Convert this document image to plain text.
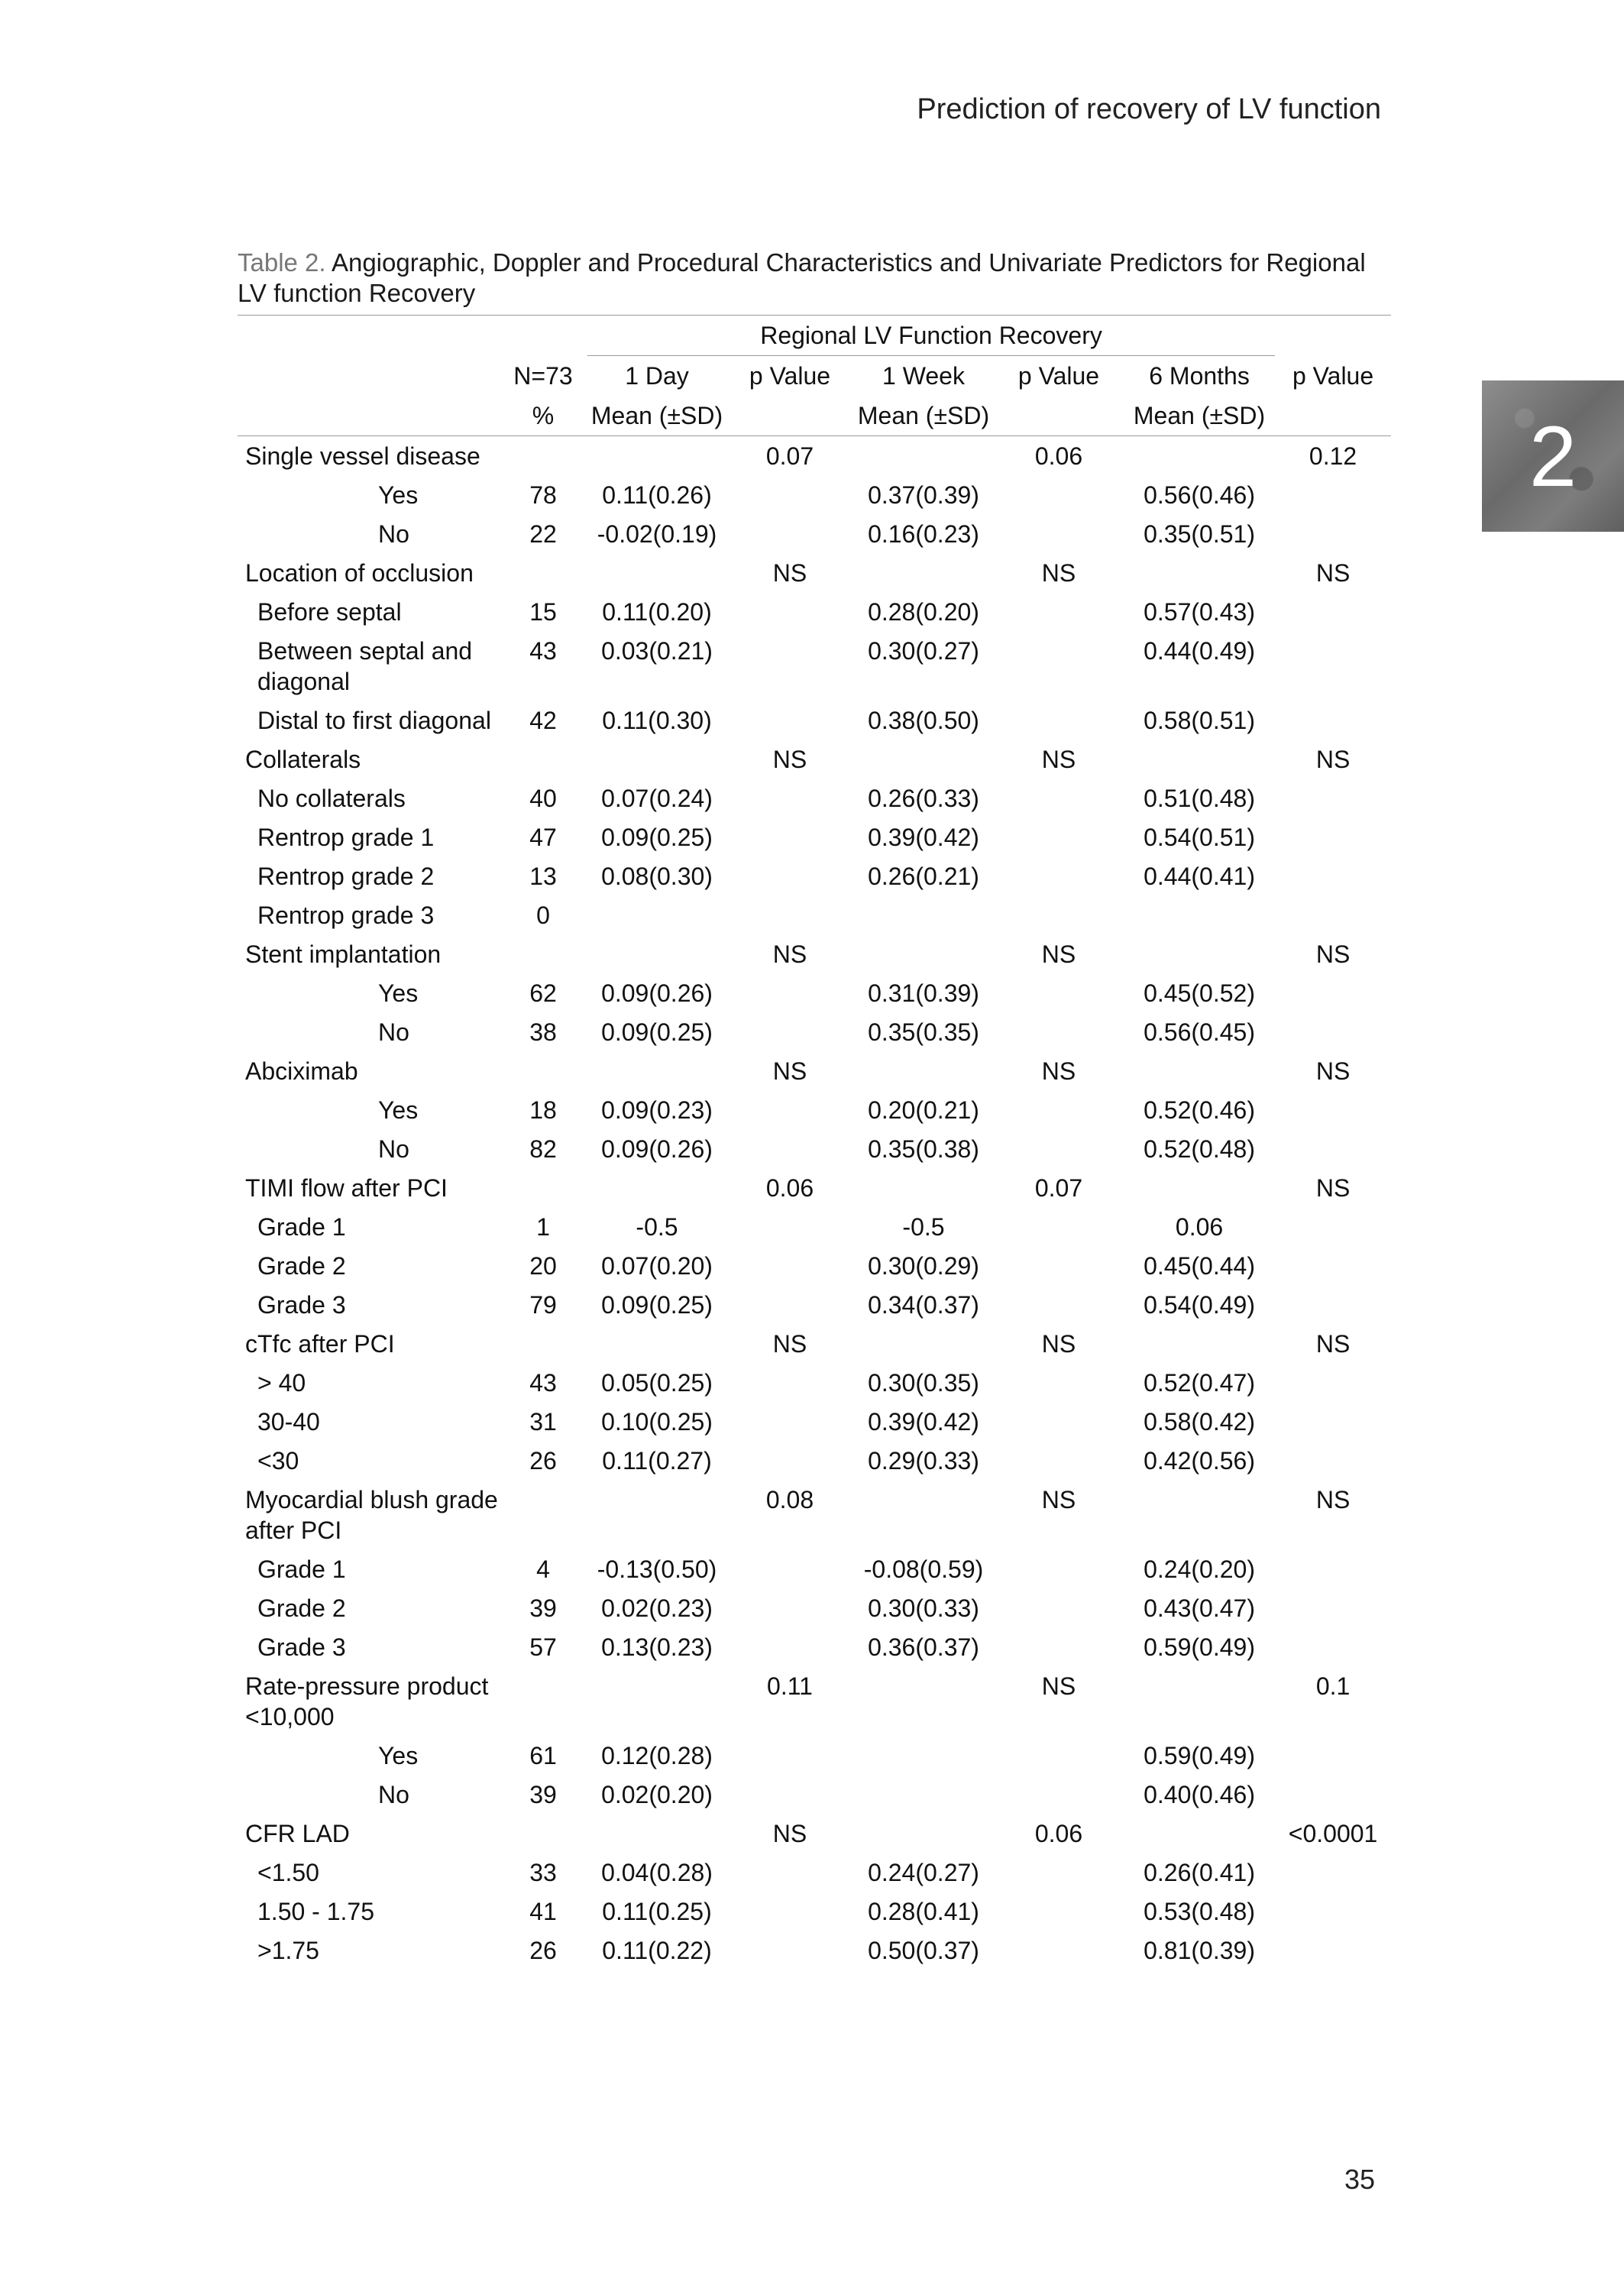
Prediction of recovery of LV function
2
Table 2. Angiographic, Doppler and Procedural Characteristics and Univariate Predictors for Regional LV function Recovery
		Regional LV Function Recovery					
	N=73	1 Day	p Value	1 Week	p Value	6 Months	p Value
	%	Mean (±SD)		Mean (±SD)		Mean (±SD)	
Single vessel disease			0.07		0.06		0.12
Yes	78	0.11(0.26)		0.37(0.39)		0.56(0.46)	
No	22	-0.02(0.19)		0.16(0.23)		0.35(0.51)	
Location of occlusion			NS		NS		NS
Before septal	15	0.11(0.20)		0.28(0.20)		0.57(0.43)	
Between septal and diagonal	43	0.03(0.21)		0.30(0.27)		0.44(0.49)	
Distal to first diagonal	42	0.11(0.30)		0.38(0.50)		0.58(0.51)	
Collaterals			NS		NS		NS
No collaterals	40	0.07(0.24)		0.26(0.33)		0.51(0.48)	
Rentrop grade 1	47	0.09(0.25)		0.39(0.42)		0.54(0.51)	
Rentrop grade 2	13	0.08(0.30)		0.26(0.21)		0.44(0.41)	
Rentrop grade 3	0						
Stent implantation			NS		NS		NS
Yes	62	0.09(0.26)		0.31(0.39)		0.45(0.52)	
No	38	0.09(0.25)		0.35(0.35)		0.56(0.45)	
Abciximab			NS		NS		NS
Yes	18	0.09(0.23)		0.20(0.21)		0.52(0.46)	
No	82	0.09(0.26)		0.35(0.38)		0.52(0.48)	
TIMI flow after PCI			0.06		0.07		NS
Grade 1	1	-0.5		-0.5		0.06	
Grade 2	20	0.07(0.20)		0.30(0.29)		0.45(0.44)	
Grade 3	79	0.09(0.25)		0.34(0.37)		0.54(0.49)	
cTfc after PCI			NS		NS		NS
> 40	43	0.05(0.25)		0.30(0.35)		0.52(0.47)	
30-40	31	0.10(0.25)		0.39(0.42)		0.58(0.42)	
<30	26	0.11(0.27)		0.29(0.33)		0.42(0.56)	
Myocardial blush grade after PCI			0.08		NS		NS
Grade 1	4	-0.13(0.50)		-0.08(0.59)		0.24(0.20)	
Grade 2	39	0.02(0.23)		0.30(0.33)		0.43(0.47)	
Grade 3	57	0.13(0.23)		0.36(0.37)		0.59(0.49)	
Rate-pressure product <10,000			0.11		NS		0.1
Yes	61	0.12(0.28)				0.59(0.49)	
No	39	0.02(0.20)				0.40(0.46)	
CFR LAD			NS		0.06		<0.0001
<1.50	33	0.04(0.28)		0.24(0.27)		0.26(0.41)	
1.50 - 1.75	41	0.11(0.25)		0.28(0.41)		0.53(0.48)	
>1.75	26	0.11(0.22)		0.50(0.37)		0.81(0.39)	
35
